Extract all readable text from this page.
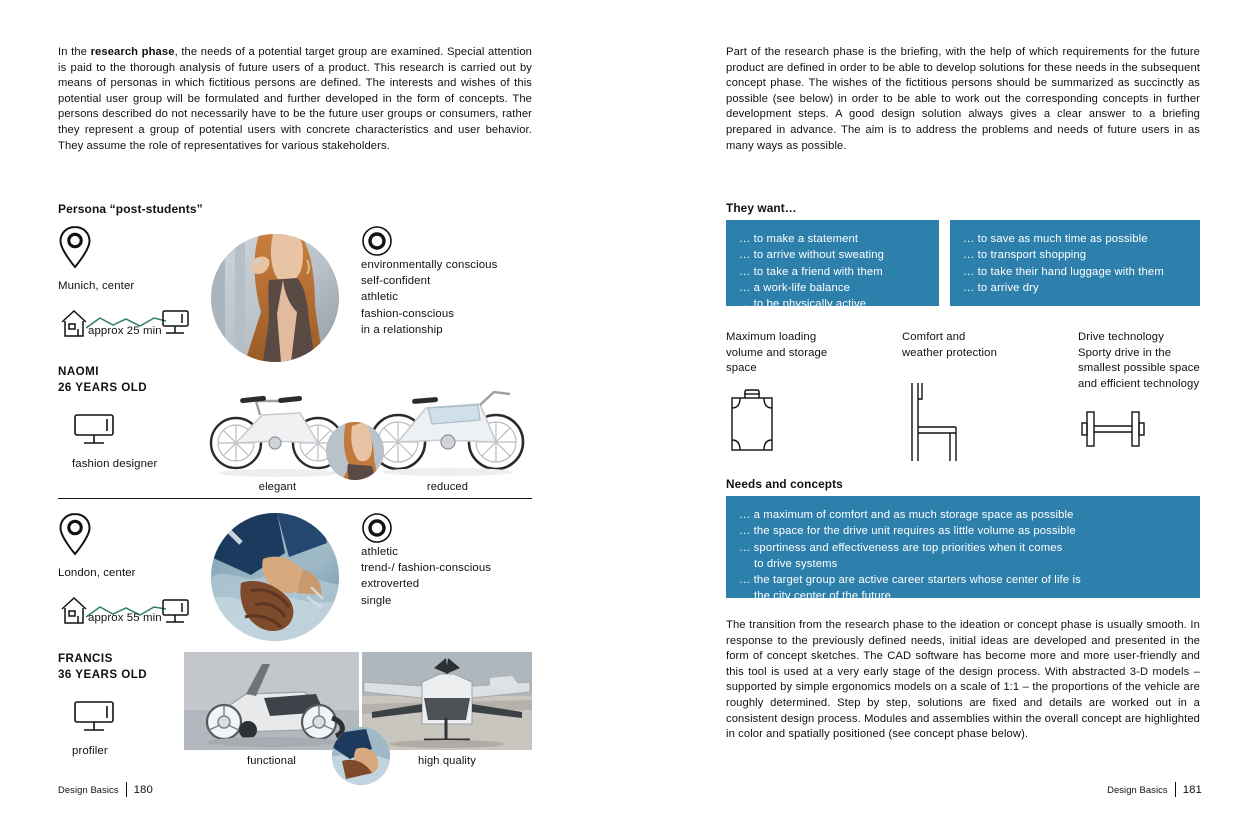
In the research phase, the needs of a potential target group are examined. Special attention is paid to the thorough analysis of future users of a product. This research is carried out by means of personas in which fictitious persons are defined. The interests and wishes of this potential user group will be formulated and further developed in the form of concepts. The persons described do not necessarily have to be the future user groups or consumers, rather they represent a group of potential users with concrete characteristics and user behavior. They assume the role of representatives for various stakeholders.
Persona “post-students”
Munich, center
approx 25 min
NAOMI
26 YEARS OLD
fashion designer
environmentally conscious
self-confident
athletic
fashion-conscious
in a relationship
elegant	reduced
London, center
approx 55 min
FRANCIS
36 YEARS OLD
profiler
athletic
trend-/ fashion-conscious
extroverted
single
functional	high quality
Design Basics 180
Part of the research phase is the briefing, with the help of which requirements for the future product are defined in order to be able to develop solutions for these needs in the subsequent concept phase. The wishes of the fictitious persons should be summarized as succinctly as possible (see below) in order to be able to work out the corresponding concepts in further development steps. A good design solution always gives a clear answer to a briefing prepared in advance. The aim is to address the problems and needs of future users in as many ways as possible.
They want…
… to make a statement
… to arrive without sweating
… to take a friend with them
… a work-life balance
… to be physically active
… to save as much time as possible
… to transport shopping
… to take their hand luggage with them
… to arrive dry
Maximum loading
volume and storage
space
Comfort and
weather protection
Drive technology
Sporty drive in the
smallest possible space
and efficient technology
Needs and concepts
… a maximum of comfort and as much storage space as possible
… the space for the drive unit requires as little volume as possible
… sportiness and effectiveness are top priorities when it comes
to drive systems
… the target group are active career starters whose center of life is
the city center of the future
The transition from the research phase to the ideation or concept phase is usually smooth. In response to the previously defined needs, initial ideas are developed and presented in the form of concept sketches. The CAD software has become more and more user-friendly and this tool is used at a very early stage of the design process. With abstracted 3-D models – supported by simple ergonomics models on a scale of 1:1 – the proportions of the vehicle are roughly determined. Step by step, solutions are fixed and details are worked out in a consistent design process. Modules and assemblies within the overall concept are highlighted in color and spatially positioned (see concept phase below).
Design Basics 181
